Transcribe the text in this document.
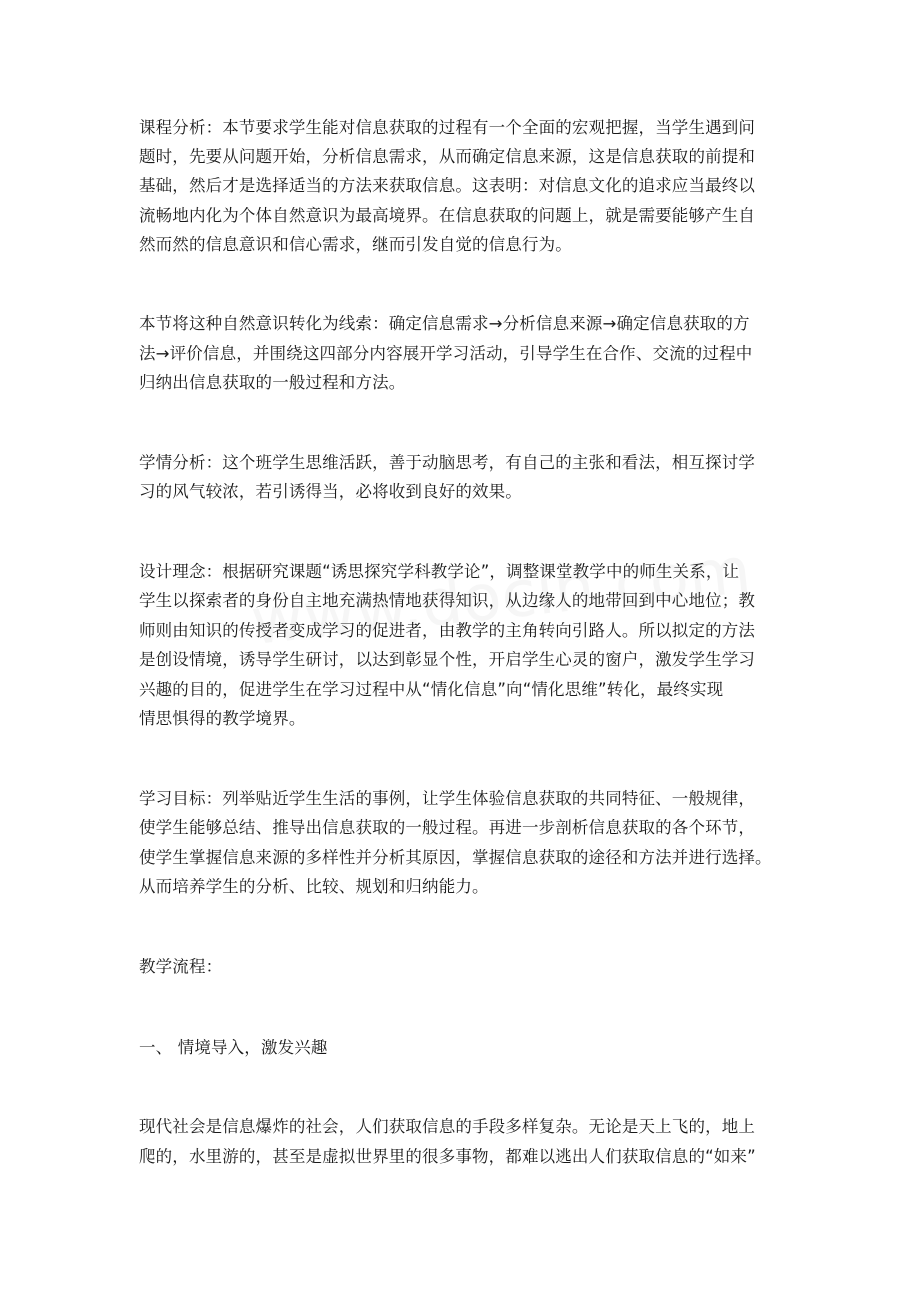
课程分析：本节要求学生能对信息获取的过程有一个全面的宏观把握，当学生遇到问
题时，先要从问题开始，分析信息需求，从而确定信息来源，这是信息获取的前提和
基础，然后才是选择适当的方法来获取信息。这表明：对信息文化的追求应当最终以
流畅地内化为个体自然意识为最高境界。在信息获取的问题上，就是需要能够产生自
然而然的信息意识和信心需求，继而引发自觉的信息行为。
本节将这种自然意识转化为线索：确定信息需求→分析信息来源→确定信息获取的方
法→评价信息，并围绕这四部分内容展开学习活动，引导学生在合作、交流的过程中
归纳出信息获取的一般过程和方法。
学情分析：这个班学生思维活跃，善于动脑思考，有自己的主张和看法，相互探讨学
习的风气较浓，若引诱得当，必将收到良好的效果。
设计理念：根据研究课题“诱思探究学科教学论”，调整课堂教学中的师生关系，让
学生以探索者的身份自主地充满热情地获得知识，从边缘人的地带回到中心地位；教
师则由知识的传授者变成学习的促进者，由教学的主角转向引路人。所以拟定的方法
是创设情境，诱导学生研讨，以达到彰显个性，开启学生心灵的窗户，激发学生学习
兴趣的目的，促进学生在学习过程中从“情化信息”向“情化思维”转化，最终实现
情思惧得的教学境界。
学习目标：列举贴近学生生活的事例，让学生体验信息获取的共同特征、一般规律，
使学生能够总结、推导出信息获取的一般过程。再进一步剖析信息获取的各个环节，
使学生掌握信息来源的多样性并分析其原因，掌握信息获取的途径和方法并进行选择。
从而培养学生的分析、比较、规划和归纳能力。
教学流程：
一、 情境导入，激发兴趣
现代社会是信息爆炸的社会，人们获取信息的手段多样复杂。无论是天上飞的，地上
爬的，水里游的，甚至是虚拟世界里的很多事物，都难以逃出人们获取信息的“如来”
